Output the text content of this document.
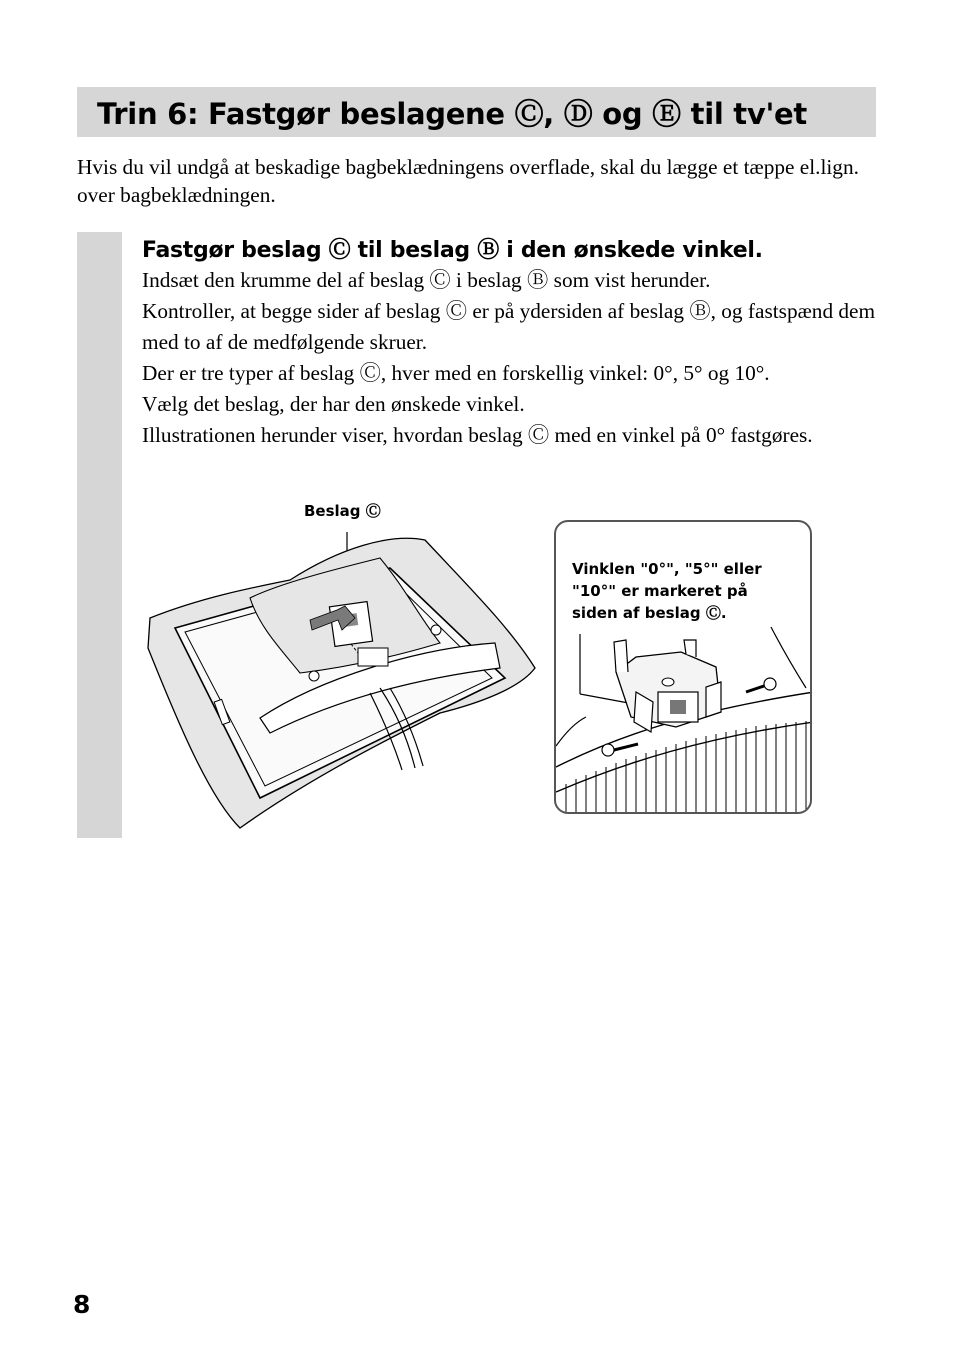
Trin 6: Fastgør beslagene Ⓒ, Ⓓ og Ⓔ til tv'et
Hvis du vil undgå at beskadige bagbeklædningens overflade, skal du lægge et tæppe el.lign. over bagbeklædningen.
Fastgør beslag Ⓒ til beslag Ⓑ i den ønskede vinkel.

Indsæt den krumme del af beslag Ⓒ i beslag Ⓑ som vist herunder.

Kontroller, at begge sider af beslag Ⓒ er på ydersiden af beslag Ⓑ, og fastspænd dem med to af de medfølgende skruer.

Der er tre typer af beslag Ⓒ, hver med en forskellig vinkel: 0°, 5° og 10°.

Vælg det beslag, der har den ønskede vinkel.

Illustrationen herunder viser, hvordan beslag Ⓒ med en vinkel på 0° fastgøres.

Beslag Ⓒ
Vinklen "0°", "5°" eller "10°" er markeret på siden af beslag Ⓒ.
8
